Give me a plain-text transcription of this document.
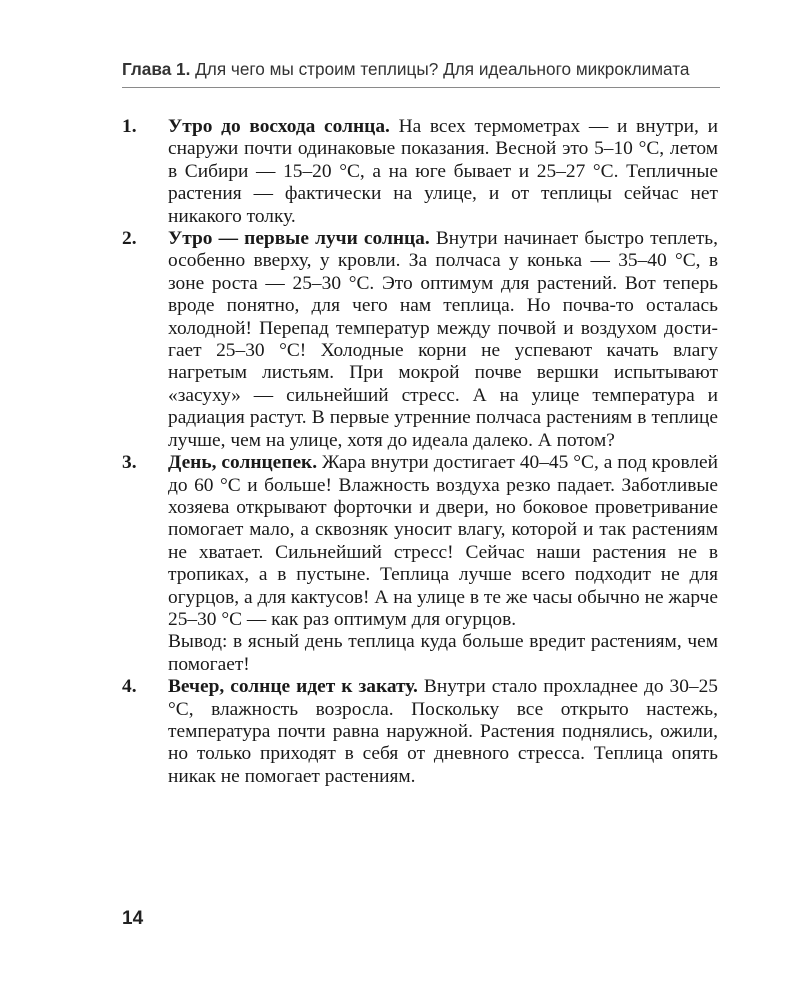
Глава 1. Для чего мы строим теплицы? Для идеального микроклимата
1. Утро до восхода солнца. На всех термометрах — и внутри, и снаружи почти одинаковые показания. Весной это 5–10 °С, летом в Сибири — 15–20 °С, а на юге бывает и 25–27 °С. Тепличные растения — фактически на улице, и от теплицы сейчас нет никакого толку.

2. Утро — первые лучи солнца. Внутри начинает быстро теплеть, особенно вверху, у кровли. За полчаса у конька — 35–40 °С, в зоне роста — 25–30 °С. Это оптимум для растений. Вот теперь вроде понятно, для чего нам теплица. Но почва-то осталась холодной! Перепад температур между почвой и воздухом достигает 25–30 °С! Холодные корни не успевают качать влагу нагретым листьям. При мокрой почве вершки испытывают «засуху» — сильнейший стресс. А на улице температура и радиация растут. В первые утренние полчаса растениям в теплице лучше, чем на улице, хотя до идеала далеко. А потом?

3. День, солнцепек. Жара внутри достигает 40–45 °С, а под кровлей до 60 °С и больше! Влажность воздуха резко падает. Заботливые хозяева открывают форточки и двери, но боковое проветривание помогает мало, а сквозняк уносит влагу, которой и так растениям не хватает. Сильнейший стресс! Сейчас наши растения не в тропиках, а в пустыне. Теплица лучше всего подходит не для огурцов, а для кактусов! А на улице в те же часы обычно не жарче 25–30 °С — как раз оптимум для огурцов.

Вывод: в ясный день теплица куда больше вредит растениям, чем помогает!

4. Вечер, солнце идет к закату. Внутри стало прохладнее до 30–25 °С, влажность возросла. Поскольку все открыто настежь, температура почти равна наружной. Растения поднялись, ожили, но только приходят в себя от дневного стресса. Теплица опять никак не помогает растениям.

14
